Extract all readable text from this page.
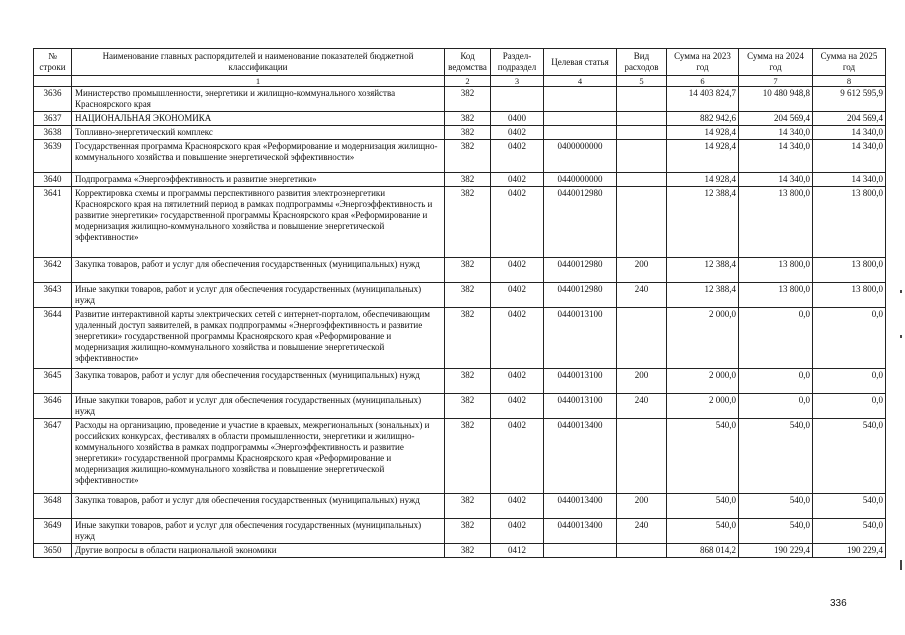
№ строки	Наименование главных распорядителей и наименование показателей бюджетной классификации	Код ведомства	Раздел-подраздел	Целевая статья	Вид расходов	Сумма на 2023 год	Сумма на 2024 год	Сумма на 2025 год
	1	2	3	4	5	6	7	8
3636	Министерство промышленности, энергетики и жилищно-коммунального хозяйства Красноярского края	382				14 403 824,7	10 480 948,8	9 612 595,9
3637	НАЦИОНАЛЬНАЯ ЭКОНОМИКА	382	0400			882 942,6	204 569,4	204 569,4
3638	Топливно-энергетический комплекс	382	0402			14 928,4	14 340,0	14 340,0
3639	Государственная программа Красноярского края «Реформирование и модернизация жилищно-коммунального хозяйства и повышение энергетической эффективности»	382	0402	0400000000		14 928,4	14 340,0	14 340,0
3640	Подпрограмма «Энергоэффективность и развитие энергетики»	382	0402	0440000000		14 928,4	14 340,0	14 340,0
3641	Корректировка схемы и программы перспективного развития электроэнергетики Красноярского края на пятилетний период в рамках подпрограммы «Энергоэффективность и развитие энергетики» государственной программы Красноярского края «Реформирование и модернизация жилищно-коммунального хозяйства и повышение энергетической эффективности»	382	0402	0440012980		12 388,4	13 800,0	13 800,0
3642	Закупка товаров, работ и услуг для обеспечения государственных (муниципальных) нужд	382	0402	0440012980	200	12 388,4	13 800,0	13 800,0
3643	Иные закупки товаров, работ и услуг для обеспечения государственных (муниципальных) нужд	382	0402	0440012980	240	12 388,4	13 800,0	13 800,0
3644	Развитие интерактивной карты электрических сетей с интернет-порталом, обеспечивающим удаленный доступ заявителей, в рамках подпрограммы «Энергоэффективность и развитие энергетики» государственной программы Красноярского края «Реформирование и модернизация жилищно-коммунального хозяйства и повышение энергетической эффективности»	382	0402	0440013100		2 000,0	0,0	0,0
3645	Закупка товаров, работ и услуг для обеспечения государственных (муниципальных) нужд	382	0402	0440013100	200	2 000,0	0,0	0,0
3646	Иные закупки товаров, работ и услуг для обеспечения государственных (муниципальных) нужд	382	0402	0440013100	240	2 000,0	0,0	0,0
3647	Расходы на организацию, проведение и участие в краевых, межрегиональных (зональных) и российских конкурсах, фестивалях в области промышленности, энергетики и жилищно-коммунального хозяйства в рамках подпрограммы «Энергоэффективность и развитие энергетики» государственной программы Красноярского края «Реформирование и модернизация жилищно-коммунального хозяйства и повышение энергетической эффективности»	382	0402	0440013400		540,0	540,0	540,0
3648	Закупка товаров, работ и услуг для обеспечения государственных (муниципальных) нужд	382	0402	0440013400	200	540,0	540,0	540,0
3649	Иные закупки товаров, работ и услуг для обеспечения государственных (муниципальных) нужд	382	0402	0440013400	240	540,0	540,0	540,0
3650	Другие вопросы в области национальной экономики	382	0412			868 014,2	190 229,4	190 229,4
336
